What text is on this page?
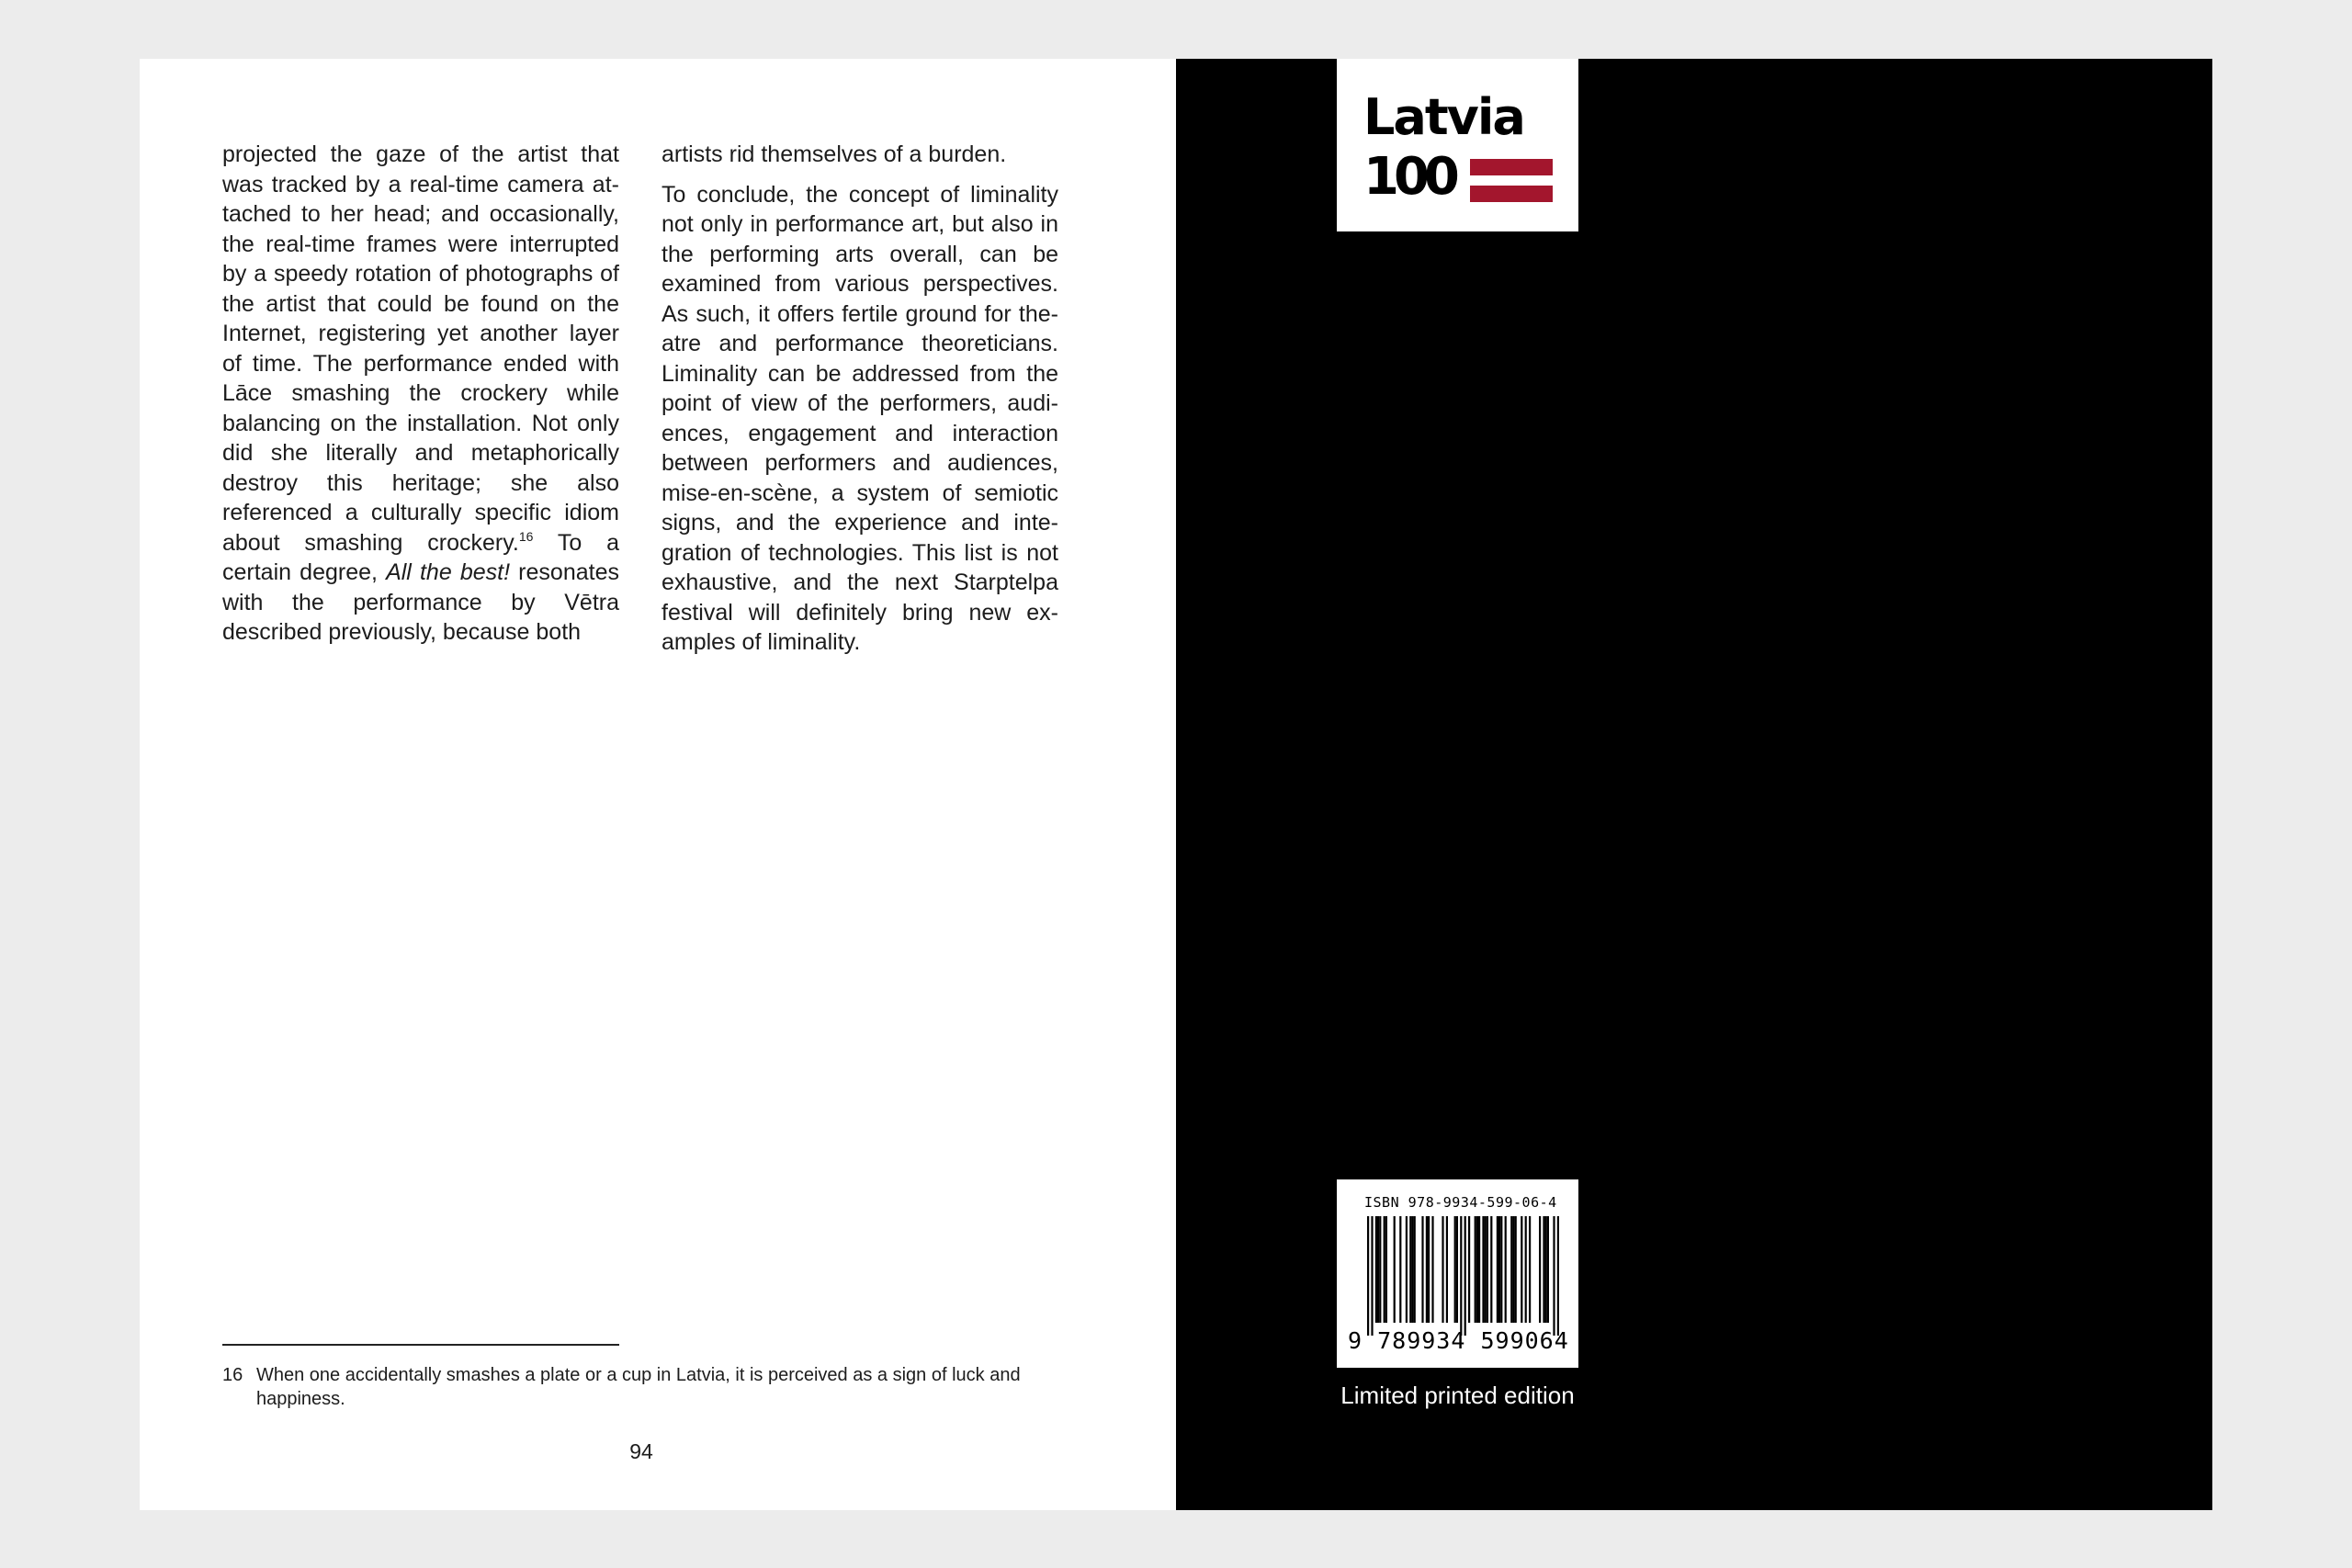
projected the gaze of the artist that was tracked by a real-time camera attached to her head; and occasionally, the real-time frames were interrupted by a speedy rotation of photographs of the artist that could be found on the Internet, registering yet another layer of time. The performance ended with Lāce smashing the crockery while balancing on the installation. Not only did she literally and metaphorically destroy this heritage; she also referenced a culturally specific idiom about smashing crockery.$^{16}$ To a certain degree, All the best! resonates with the performance by Vētra described previously, because both

artists rid themselves of a burden.

To conclude, the concept of liminality not only in performance art, but also in the performing arts overall, can be examined from various perspectives. As such, it offers fertile ground for theatre and performance theoreticians. Liminality can be addressed from the point of view of the performers, audiences, engagement and interaction between performers and audiences, mise-en-scène, a system of semiotic signs, and the experience and integration of technologies. This list is not exhaustive, and the next Starptelpa festival will definitely bring new examples of liminality.

16 When one accidentally smashes a plate or a cup in Latvia, it is perceived as a sign of luck and happiness.
94
Latvia
100
ISBN 978-9934-599-06-4
9 789934 599064
Limited printed edition
